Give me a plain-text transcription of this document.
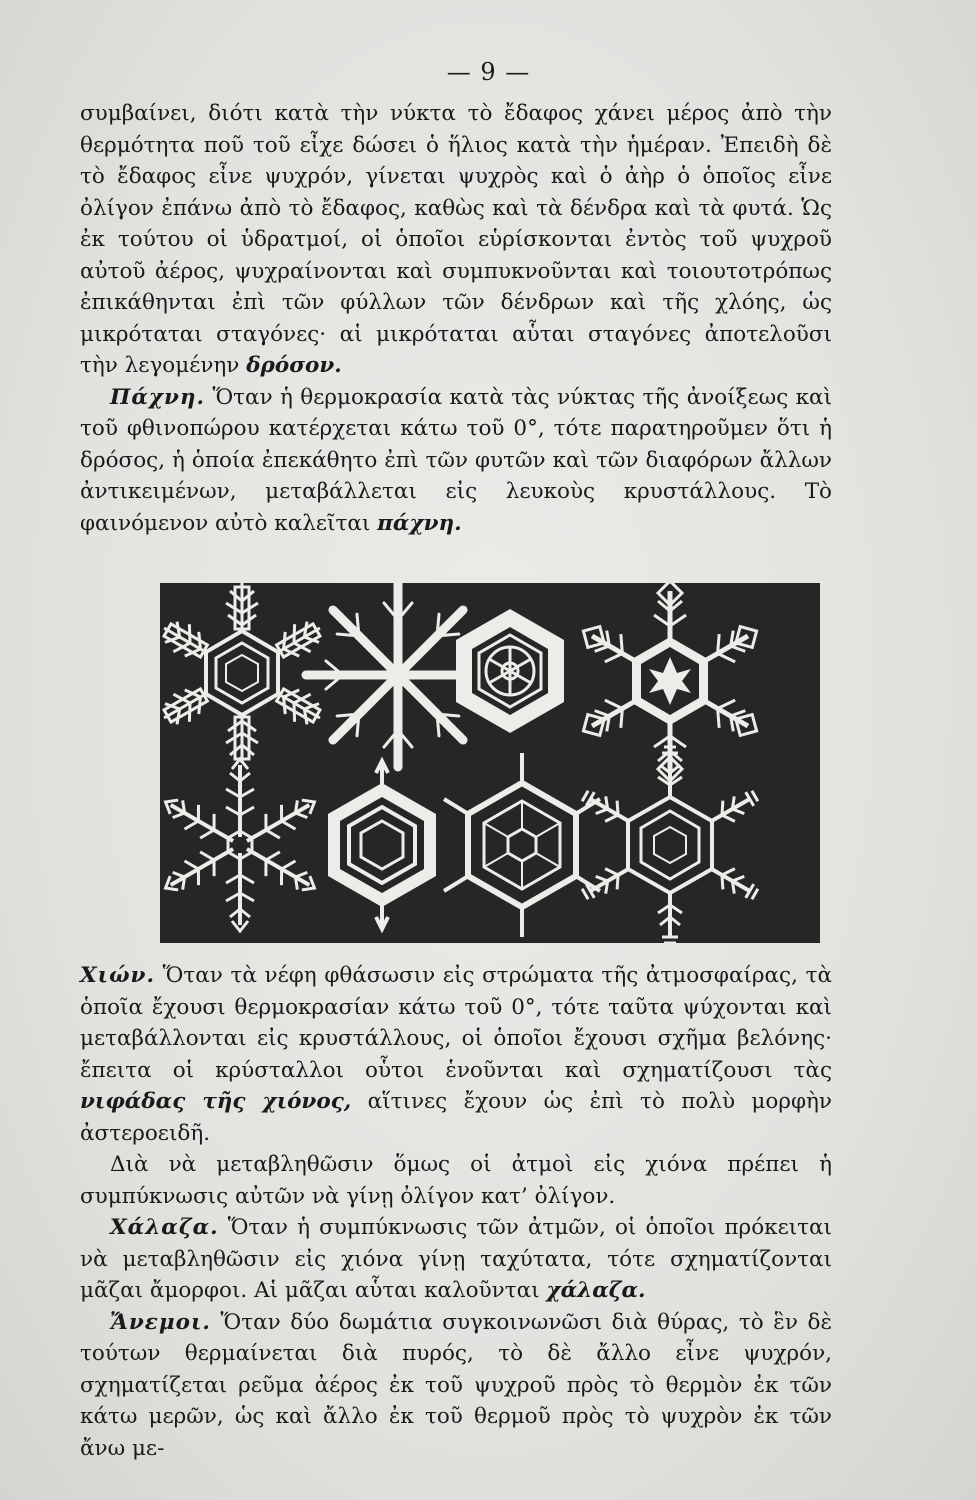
— 9 —

συμβαίνει, διότι κατὰ τὴν νύκτα τὸ ἔδαφος χάνει μέρος ἀπὸ τὴν θερμότητα ποῦ τοῦ εἶχε δώσει ὁ ἥλιος κατὰ τὴν ἡμέραν. Ἐπειδὴ δὲ τὸ ἔδαφος εἶνε ψυχρόν, γίνεται ψυχρὸς καὶ ὁ ἀὴρ ὁ ὁποῖος εἶνε ὀλίγον ἐπάνω ἀπὸ τὸ ἔδαφος, καθὼς καὶ τὰ δένδρα καὶ τὰ φυτά. Ὡς ἐκ τούτου οἱ ὑδρατμοί, οἱ ὁποῖοι εὑρίσκονται ἐντὸς τοῦ ψυχροῦ αὐτοῦ ἀέρος, ψυχραίνονται καὶ συμπυκνοῦνται καὶ τοιουτοτρόπως ἐπικάθηνται ἐπὶ τῶν φύλλων τῶν δένδρων καὶ τῆς χλόης, ὡς μικρόταται σταγόνες· αἱ μικρόταται αὗται σταγόνες ἀποτελοῦσι τὴν λεγομένην δρόσον.

Πάχνη. Ὅταν ἡ θερμοκρασία κατὰ τὰς νύκτας τῆς ἀνοίξεως καὶ τοῦ φθινοπώρου κατέρχεται κάτω τοῦ 0°, τότε παρατηροῦμεν ὅτι ἡ δρόσος, ἡ ὁποία ἐπεκάθητο ἐπὶ τῶν φυτῶν καὶ τῶν διαφόρων ἄλλων ἀντικειμένων, μεταβάλλεται εἰς λευκοὺς κρυστάλλους. Τὸ φαινόμενον αὐτὸ καλεῖται πάχνη.

Χιών. Ὅταν τὰ νέφη φθάσωσιν εἰς στρώματα τῆς ἀτμοσφαίρας, τὰ ὁποῖα ἔχουσι θερμοκρασίαν κάτω τοῦ 0°, τότε ταῦτα ψύχονται καὶ μεταβάλλονται εἰς κρυστάλλους, οἱ ὁποῖοι ἔχουσι σχῆμα βελόνης· ἔπειτα οἱ κρύσταλλοι οὗτοι ἑνοῦνται καὶ σχηματίζουσι τὰς νιφάδας τῆς χιόνος, αἵτινες ἔχουν ὡς ἐπὶ τὸ πολὺ μορφὴν ἀστεροειδῆ.

Διὰ νὰ μεταβληθῶσιν ὅμως οἱ ἀτμοὶ εἰς χιόνα πρέπει ἡ συμπύκνωσις αὐτῶν νὰ γίνῃ ὀλίγον κατ’ ὀλίγον.

Χάλαζα. Ὅταν ἡ συμπύκνωσις τῶν ἀτμῶν, οἱ ὁποῖοι πρόκειται νὰ μεταβληθῶσιν εἰς χιόνα γίνῃ ταχύτατα, τότε σχηματίζονται μᾶζαι ἄμορφοι. Αἱ μᾶζαι αὗται καλοῦνται χάλαζα.

Ἄνεμοι. Ὅταν δύο δωμάτια συγκοινωνῶσι διὰ θύρας, τὸ ἓν δὲ τούτων θερμαίνεται διὰ πυρός, τὸ δὲ ἄλλο εἶνε ψυχρόν, σχηματίζεται ρεῦμα ἀέρος ἐκ τοῦ ψυχροῦ πρὸς τὸ θερμὸν ἐκ τῶν κάτω μερῶν, ὡς καὶ ἄλλο ἐκ τοῦ θερμοῦ πρὸς τὸ ψυχρὸν ἐκ τῶν ἄνω με-
